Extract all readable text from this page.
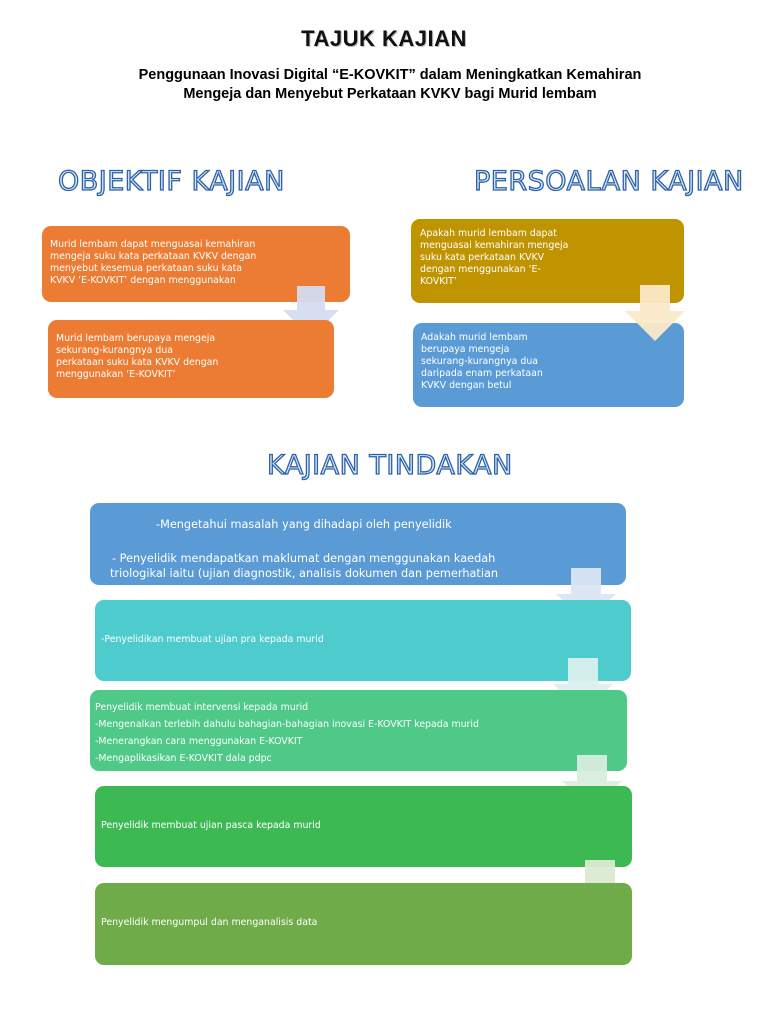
TAJUK KAJIAN
Penggunaan Inovasi Digital “E-KOVKIT” dalam Meningkatkan Kemahiran
Mengeja dan Menyebut Perkataan KVKV bagi Murid lembam
OBJEKTIF KAJIAN
Murid lembam dapat menguasai kemahiran
mengeja suku kata perkataan KVKV dengan
menyebut kesemua perkataan suku kata
KVKV ‘E-KOVKIT’ dengan menggunakan
Murid lembam berupaya mengeja
sekurang-kurangnya dua
perkataan suku kata KVKV dengan
menggunakan ‘E-KOVKIT’
PERSOALAN KAJIAN
Apakah murid lembam dapat
menguasai kemahiran mengeja
suku kata perkataan KVKV
dengan menggunakan ‘E-
KOVKIT’
Adakah murid lembam
berupaya mengeja
sekurang-kurangnya dua
daripada enam perkataan
KVKV dengan betul
KAJIAN TINDAKAN
-Mengetahui masalah yang dihadapi oleh penyelidik
- Penyelidik mendapatkan maklumat dengan menggunakan kaedah
triologikal iaitu (ujian diagnostik, analisis dokumen dan pemerhatian
-Penyelidikan membuat ujian pra kepada murid
Penyelidik membuat intervensi kepada murid
-Mengenalkan terlebih dahulu bahagian-bahagian inovasi E-KOVKIT kepada murid
-Menerangkan cara menggunakan E-KOVKIT
-Mengaplikasikan E-KOVKIT dala pdpc
Penyelidik membuat ujian pasca kepada murid
Penyelidik mengumpul dan menganalisis data
